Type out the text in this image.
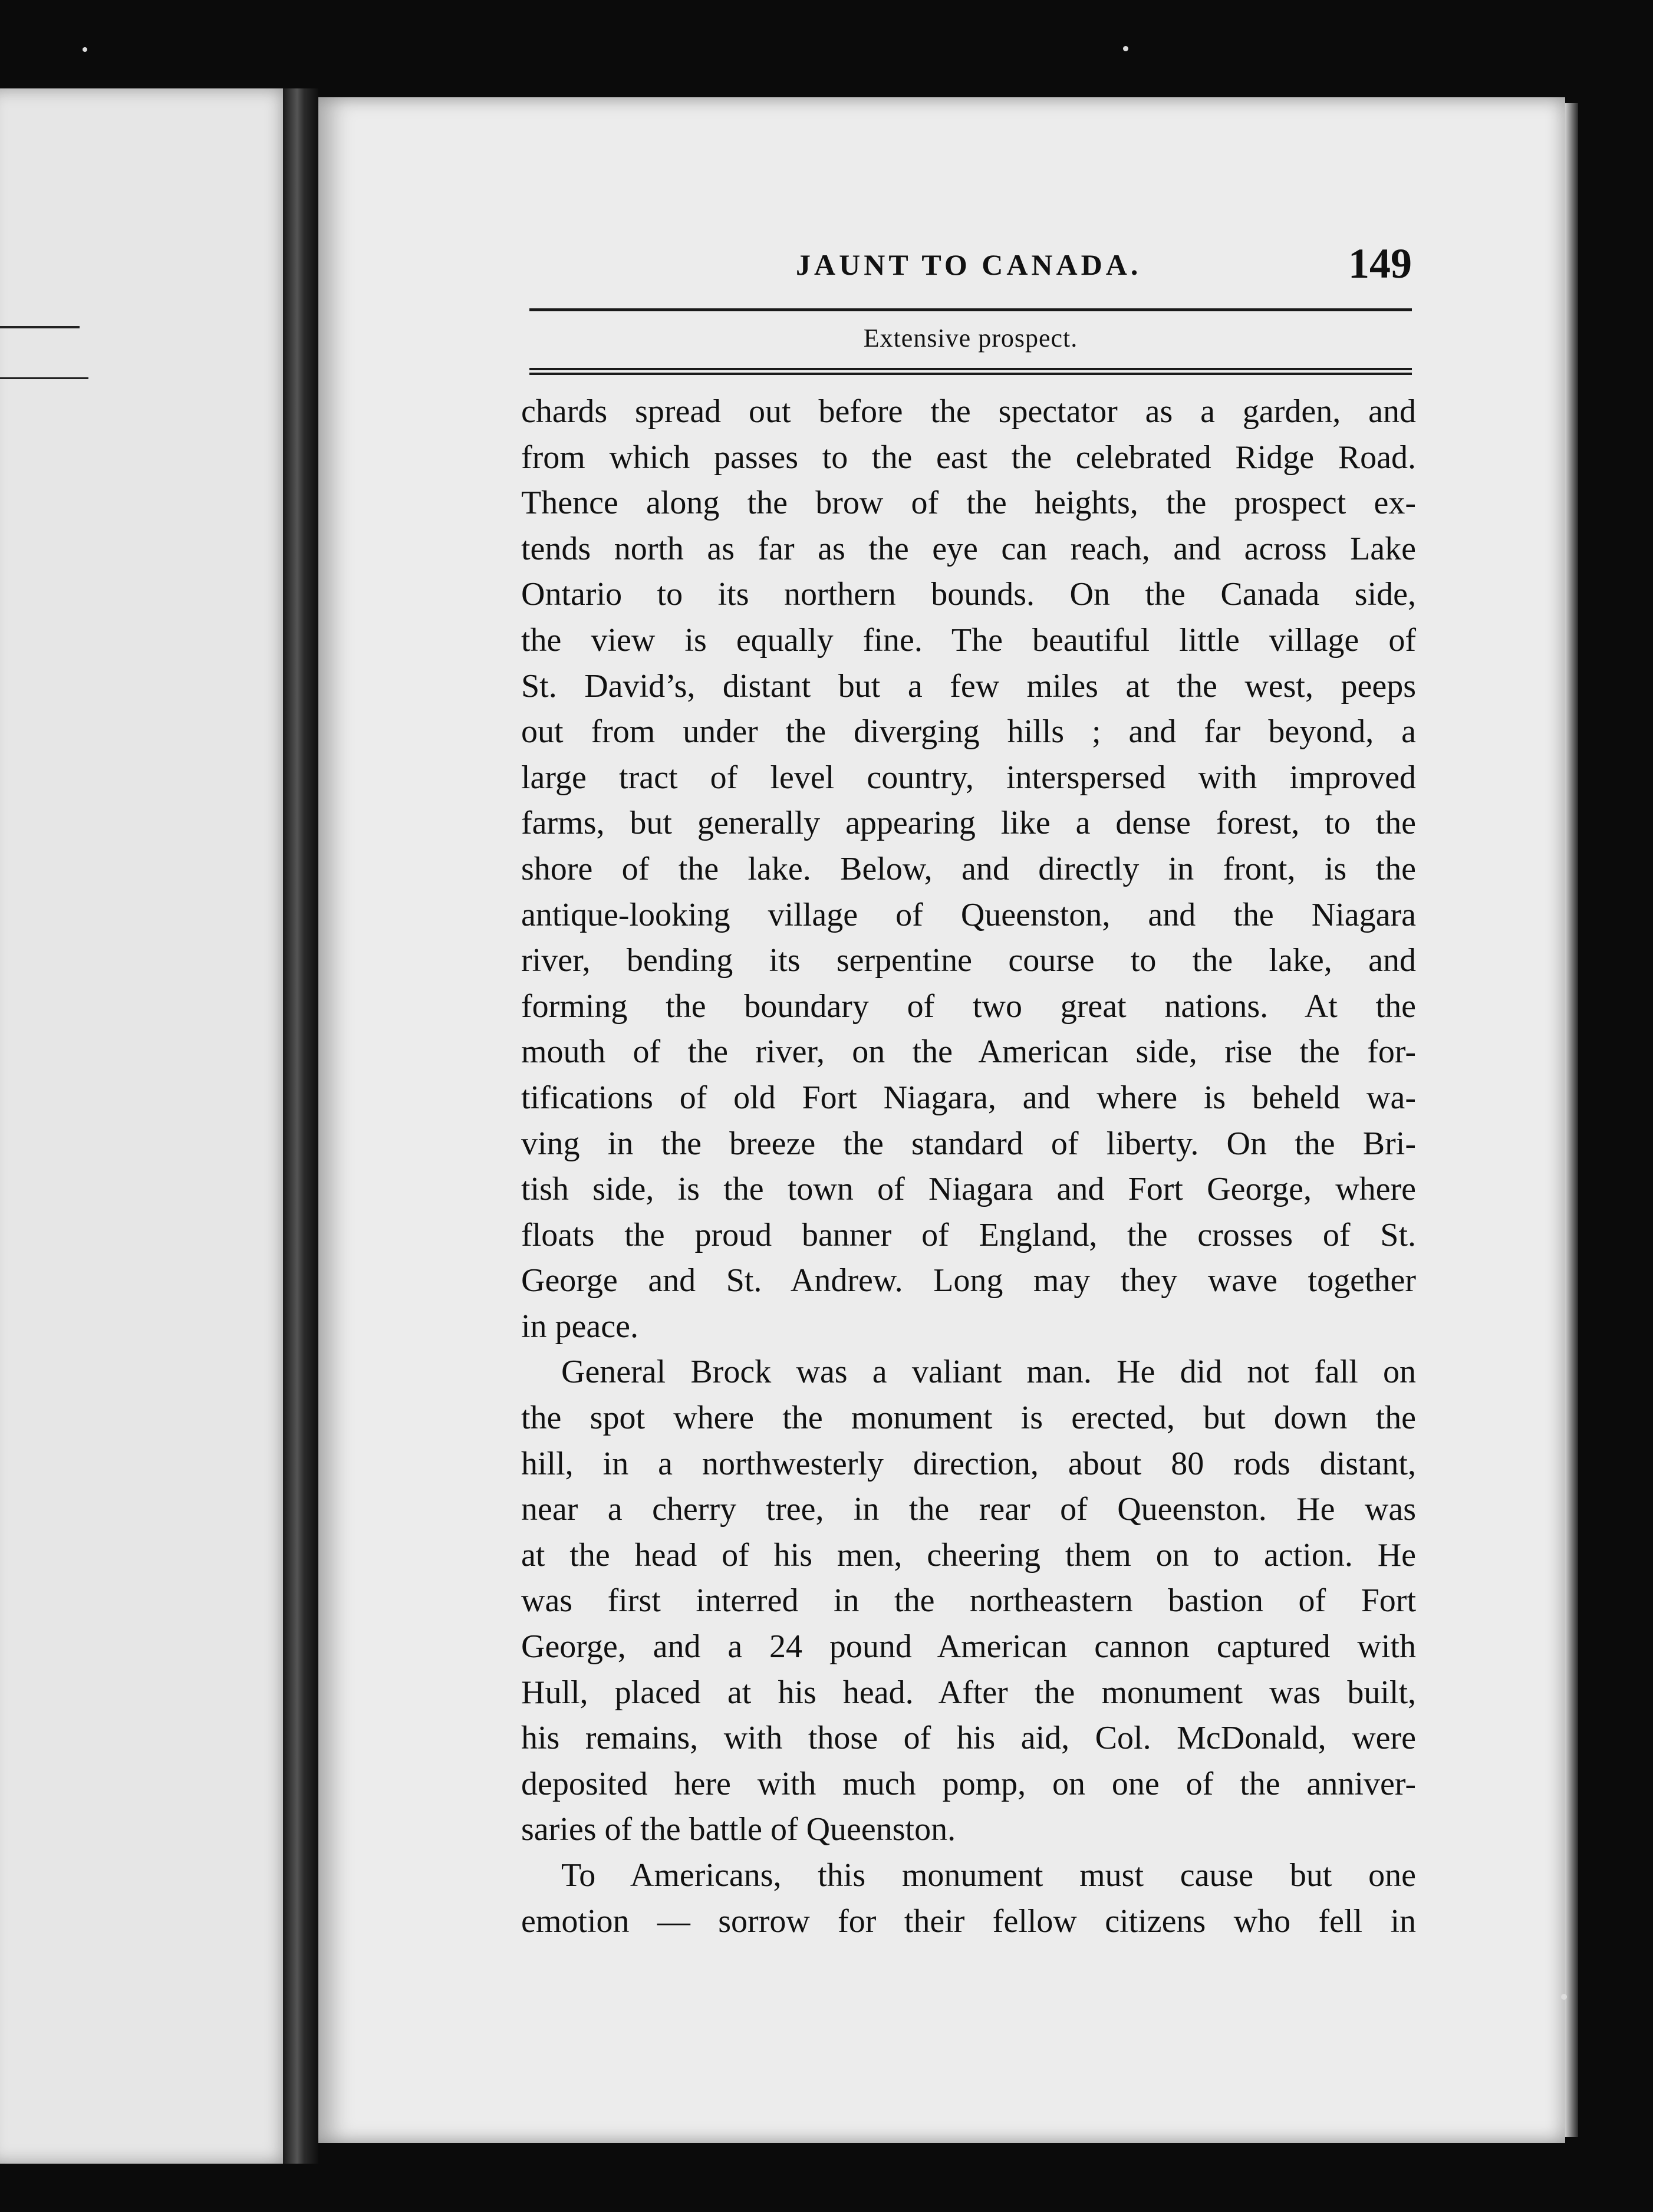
JAUNT TO CANADA.	149
Extensive prospect.
chards spread out before the spectator as a garden, and
from which passes to the east the celebrated Ridge Road.
Thence along the brow of the heights, the prospect ex-
tends north as far as the eye can reach, and across Lake
Ontario to its northern bounds. On the Canada side,
the view is equally fine. The beautiful little village of
St. David’s, distant but a few miles at the west, peeps
out from under the diverging hills ; and far beyond, a
large tract of level country, interspersed with improved
farms, but generally appearing like a dense forest, to the
shore of the lake. Below, and directly in front, is the
antique-looking village of Queenston, and the Niagara
river, bending its serpentine course to the lake, and
forming the boundary of two great nations. At the
mouth of the river, on the American side, rise the for-
tifications of old Fort Niagara, and where is beheld wa-
ving in the breeze the standard of liberty. On the Bri-
tish side, is the town of Niagara and Fort George, where
floats the proud banner of England, the crosses of St.
George and St. Andrew. Long may they wave together
in peace.
General Brock was a valiant man. He did not fall on
the spot where the monument is erected, but down the
hill, in a northwesterly direction, about 80 rods distant,
near a cherry tree, in the rear of Queenston. He was
at the head of his men, cheering them on to action. He
was first interred in the northeastern bastion of Fort
George, and a 24 pound American cannon captured with
Hull, placed at his head. After the monument was built,
his remains, with those of his aid, Col. McDonald, were
deposited here with much pomp, on one of the anniver-
saries of the battle of Queenston.
To Americans, this monument must cause but one
emotion — sorrow for their fellow citizens who fell in
